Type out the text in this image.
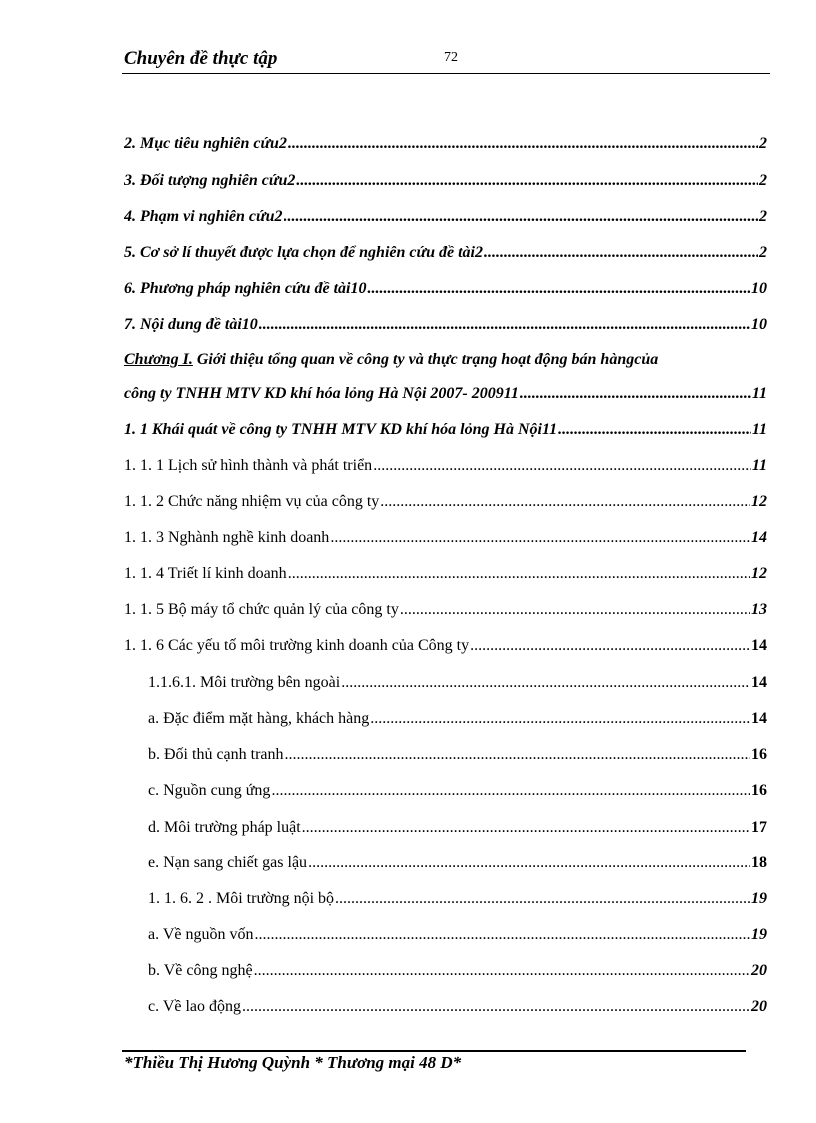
Chuyên đề thực tập	72
2. Mục tiêu nghiên cứu2 .....	2
3. Đối tượng nghiên cứu2 .....	2
4. Phạm vi nghiên cứu2 .....	2
5. Cơ sở lí thuyết được lựa chọn để nghiên cứu đề tài2 .....	2
6. Phương pháp nghiên cứu đề tài10 .....	10
7. Nội dung đề tài10 .....	10
Chương I. Giới thiệu tổng quan về công ty và thực trạng hoạt động bán hàngcủa
công ty TNHH MTV KD khí hóa lỏng Hà Nội 2007- 200911 .....	11
1. 1 Khái quát về công ty TNHH MTV KD khí hóa lỏng Hà Nội11 .....	11
1. 1. 1 Lịch sử hình thành và phát triển .....	11
1. 1. 2 Chức năng nhiệm vụ của công ty .....	12
1. 1. 3 Nghành nghề kinh doanh .....	14
1. 1. 4 Triết lí kinh doanh .....	12
1. 1. 5 Bộ máy tổ chức quản lý của công ty .....	13
1. 1. 6 Các yếu tố môi trường kinh doanh của Công ty .....	14
1.1.6.1. Môi trường bên ngoài .....	14
a. Đặc điểm mặt hàng, khách hàng .....	14
b. Đối thủ cạnh tranh .....	16
c. Nguồn cung ứng .....	16
d. Môi trường pháp luật .....	17
e. Nạn sang chiết gas lậu .....	18
1. 1. 6. 2 . Môi trường nội bộ .....	19
a. Về nguồn vốn .....	19
b. Về công nghệ .....	20
c. Về lao động .....	20
*Thiều Thị Hương Quỳnh * Thương mại 48 D*
